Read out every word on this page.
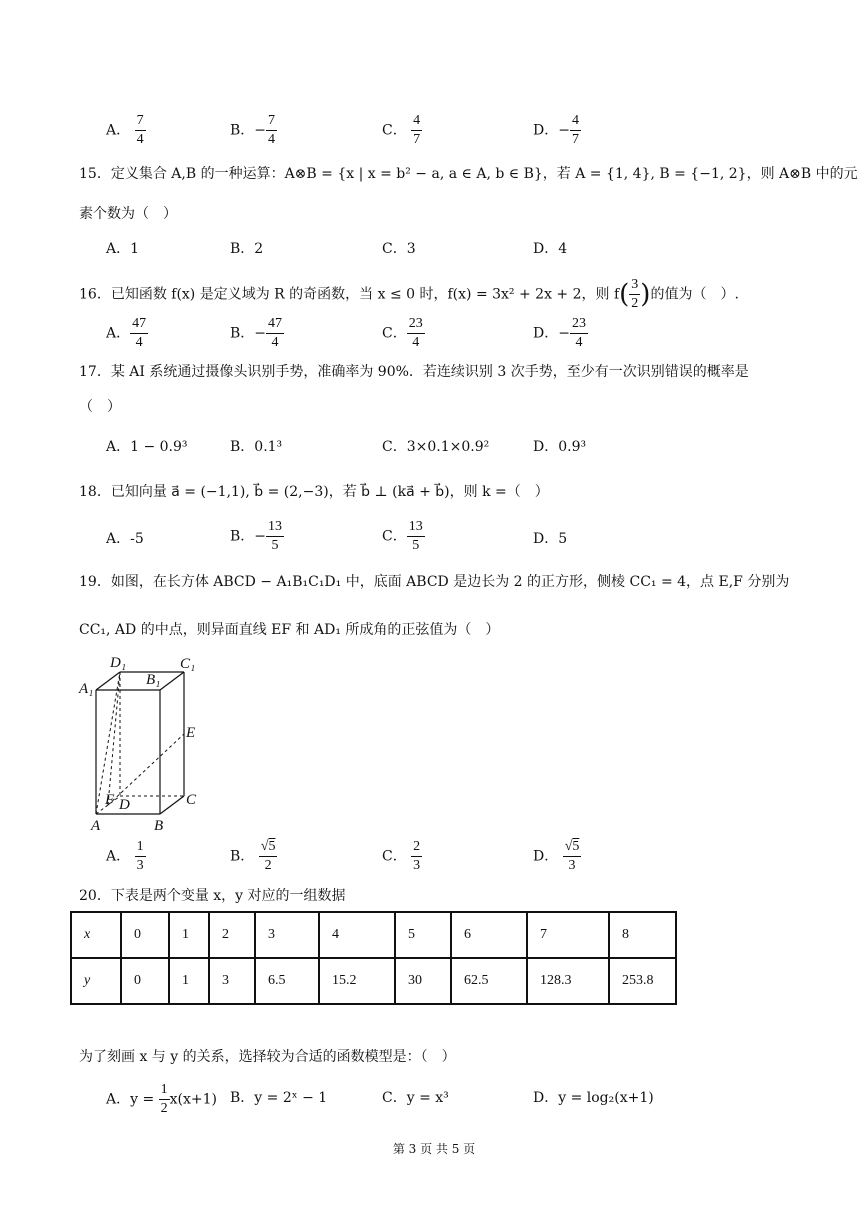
A． $\frac{7}{4}$	B．− $\frac{7}{4}$	C． $\frac{4}{7}$	D．− $\frac{4}{7}$
15．定义集合 A,B 的一种运算：A⊗B = {x | x = b² − a, a ∈ A, b ∈ B}，若 A = {1, 4}, B = {−1, 2}，则 A⊗B 中的元
素个数为（　）
A．1	B．2	C．3	D．4
16．已知函数 f(x) 是定义域为 R 的奇函数，当 x ≤ 0 时，f(x) = 3x² + 2x + 2，则 $f( \frac{3}{2}$ )的值为（　）.
A． $\frac{47}{4}$	B．− $\frac{47}{4}$	C． $\frac{23}{4}$	D．− $\frac{23}{4}$
17．某 AI 系统通过摄像头识别手势，准确率为 90%．若连续识别 3 次手势，至少有一次识别错误的概率是
（　）
A．1 − 0.9³	B．0.1³	C．3×0.1×0.9²	D．0.9³
18．已知向量 a⃗ = (−1,1), b⃗ = (2,−3)，若 b⃗ ⊥ (ka⃗ + b⃗)，则 k =（　）
A．-5	B．− $\frac{13}{5}$	C． $\frac{13}{5}$	D．5
19．如图，在长方体 ABCD − A₁B₁C₁D₁ 中，底面 ABCD 是边长为 2 的正方形，侧棱 CC₁ = 4，点 E,F 分别为
CC₁, AD 的中点，则异面直线 EF 和 AD₁ 所成角的正弦值为（　）
D₁	C₁
A₁
B₁
E
F D	C
A	B
A． $\frac{1}{3}$	B． $\frac{√5}{2}$	C． $\frac{2}{3}$	D． $\frac{√5}{3}$
20．下表是两个变量 x，y 对应的一组数据
x	0	1	2	3	4	5	6	7	8
y	0	1	3	6.5	15.2	30	62.5	128.3	253.8
为了刻画 x 与 y 的关系，选择较为合适的函数模型是：（　）
A．$y = \frac{1}{2} x(x+1)$ B．y = 2ˣ − 1	C．y = x³	D．y = log₂(x+1)
第 3 页 共 5 页
